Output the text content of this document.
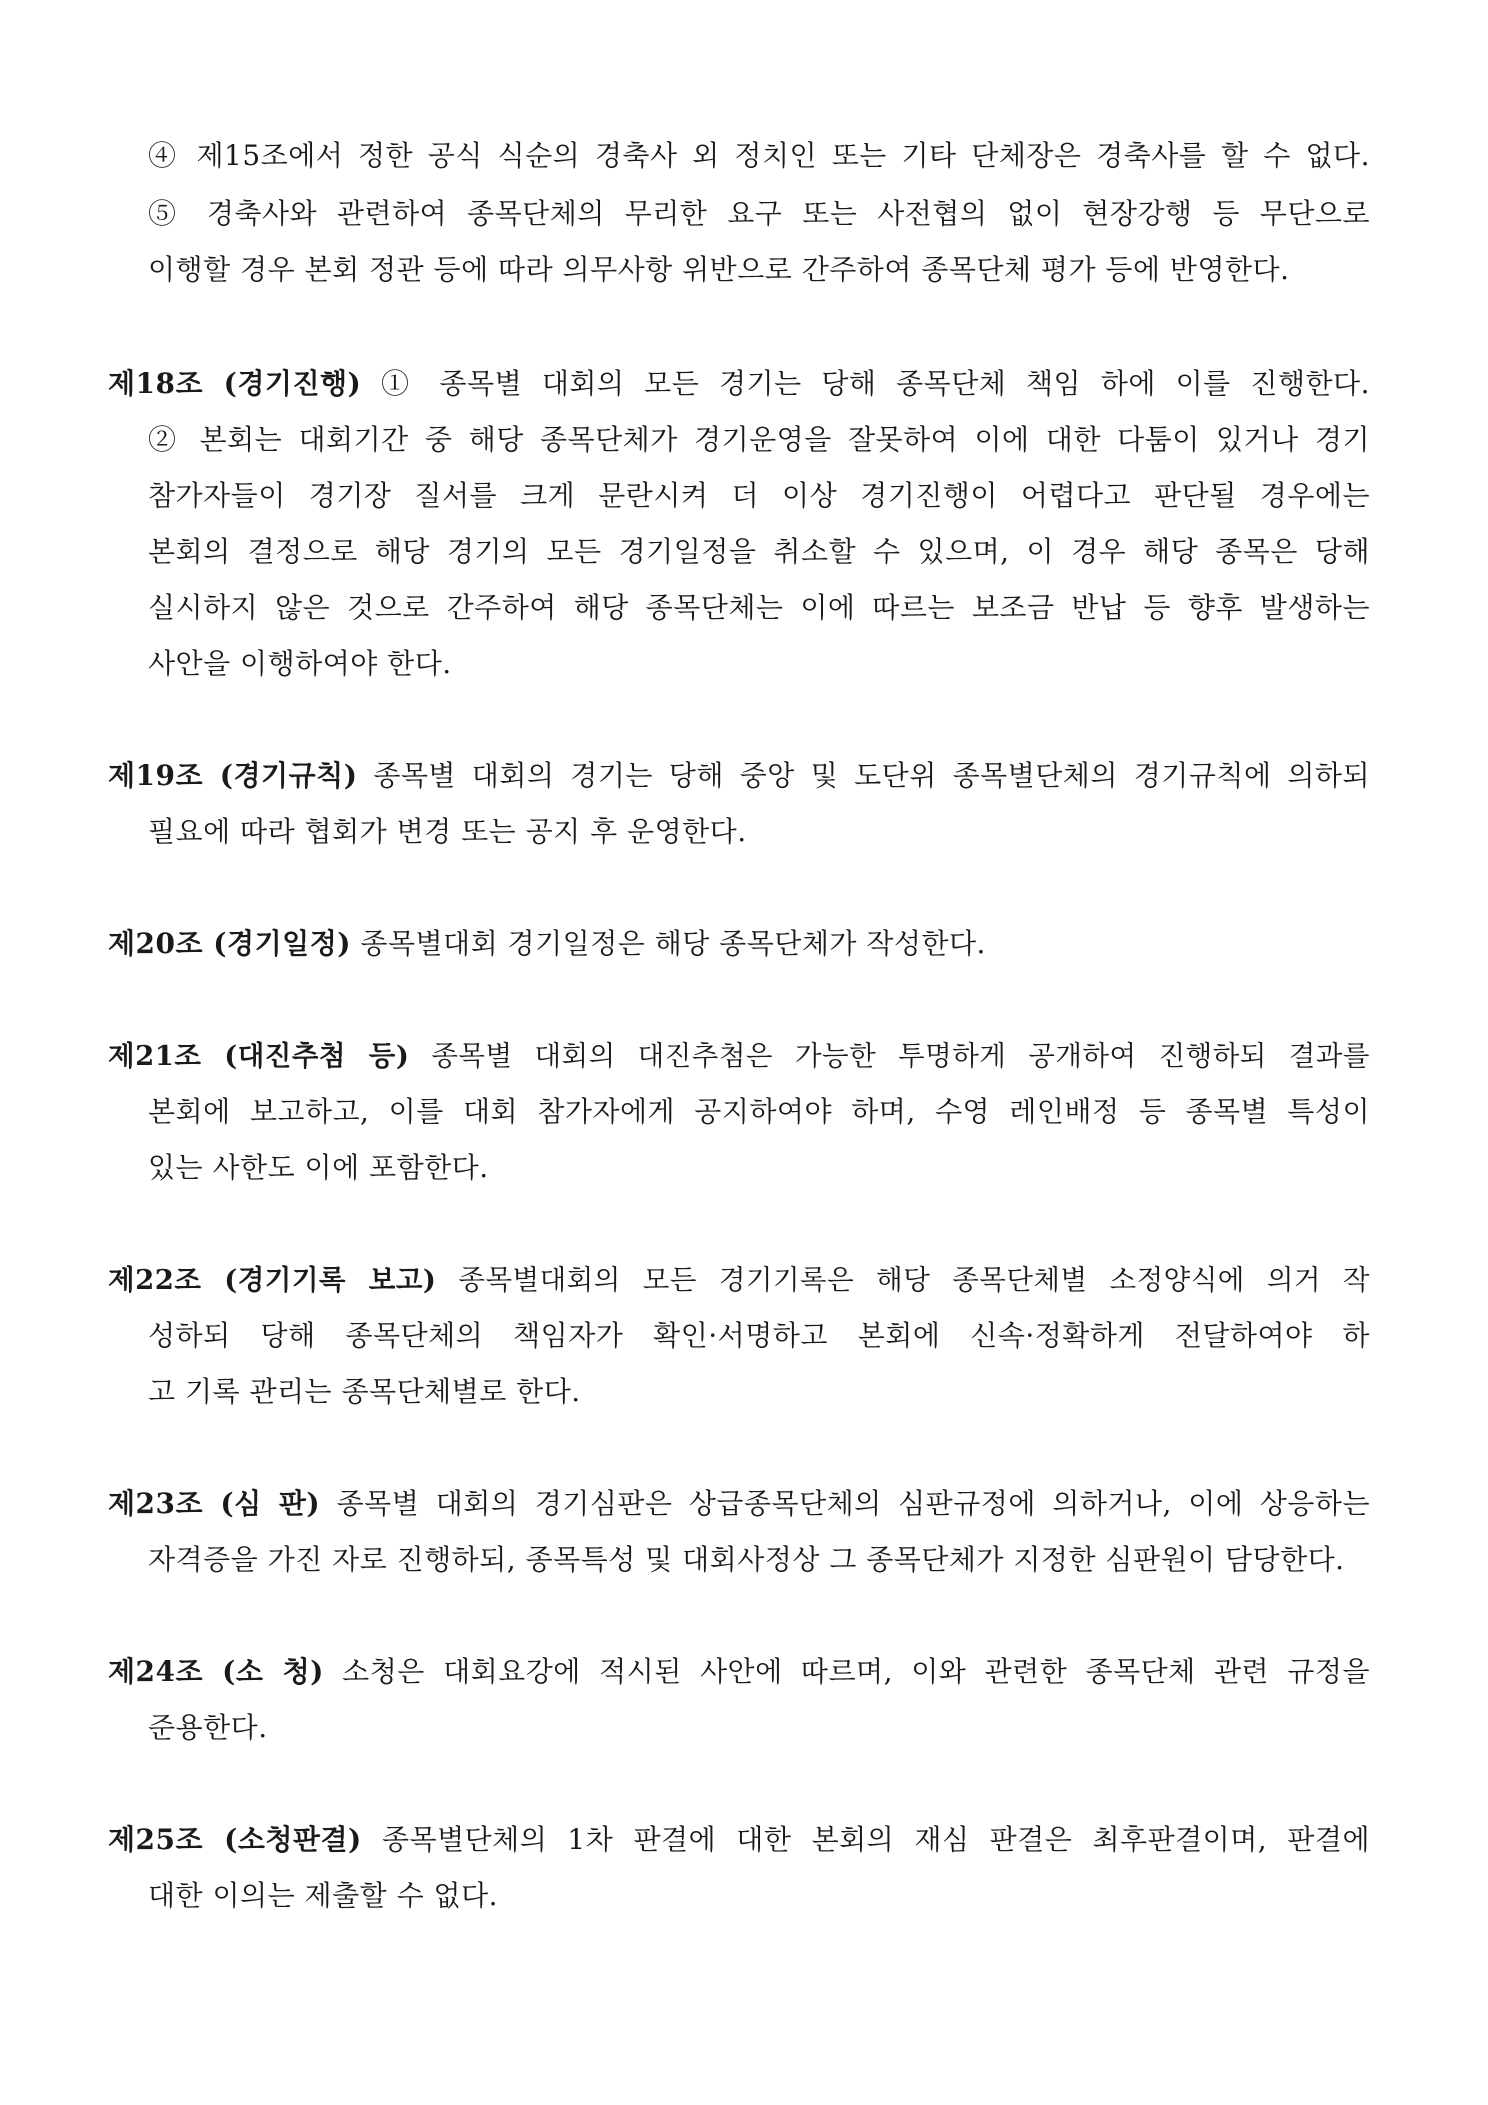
④ 제15조에서 정한 공식 식순의 경축사 외 정치인 또는 기타 단체장은 경축사를 할 수 없다.
⑤ 경축사와 관련하여 종목단체의 무리한 요구 또는 사전협의 없이 현장강행 등 무단으로
이행할 경우 본회 정관 등에 따라 의무사항 위반으로 간주하여 종목단체 평가 등에 반영한다.
제18조 (경기진행) ① 종목별 대회의 모든 경기는 당해 종목단체 책임 하에 이를 진행한다.
② 본회는 대회기간 중 해당 종목단체가 경기운영을 잘못하여 이에 대한 다툼이 있거나 경기
참가자들이 경기장 질서를 크게 문란시켜 더 이상 경기진행이 어렵다고 판단될 경우에는
본회의 결정으로 해당 경기의 모든 경기일정을 취소할 수 있으며, 이 경우 해당 종목은 당해
실시하지 않은 것으로 간주하여 해당 종목단체는 이에 따르는 보조금 반납 등 향후 발생하는
사안을 이행하여야 한다.
제19조 (경기규칙) 종목별 대회의 경기는 당해 중앙 및 도단위 종목별단체의 경기규칙에 의하되
필요에 따라 협회가 변경 또는 공지 후 운영한다.
제20조 (경기일정) 종목별대회 경기일정은 해당 종목단체가 작성한다.
제21조 (대진추첨 등) 종목별 대회의 대진추첨은 가능한 투명하게 공개하여 진행하되 결과를
본회에 보고하고, 이를 대회 참가자에게 공지하여야 하며, 수영 레인배정 등 종목별 특성이
있는 사한도 이에 포함한다.
제22조 (경기기록 보고) 종목별대회의 모든 경기기록은 해당 종목단체별 소정양식에 의거 작
성하되 당해 종목단체의 책임자가 확인·서명하고 본회에 신속·정확하게 전달하여야 하
고 기록 관리는 종목단체별로 한다.
제23조 (심 판) 종목별 대회의 경기심판은 상급종목단체의 심판규정에 의하거나, 이에 상응하는
자격증을 가진 자로 진행하되, 종목특성 및 대회사정상 그 종목단체가 지정한 심판원이 담당한다.
제24조 (소 청) 소청은 대회요강에 적시된 사안에 따르며, 이와 관련한 종목단체 관련 규정을
준용한다.
제25조 (소청판결) 종목별단체의 1차 판결에 대한 본회의 재심 판결은 최후판결이며, 판결에
대한 이의는 제출할 수 없다.
